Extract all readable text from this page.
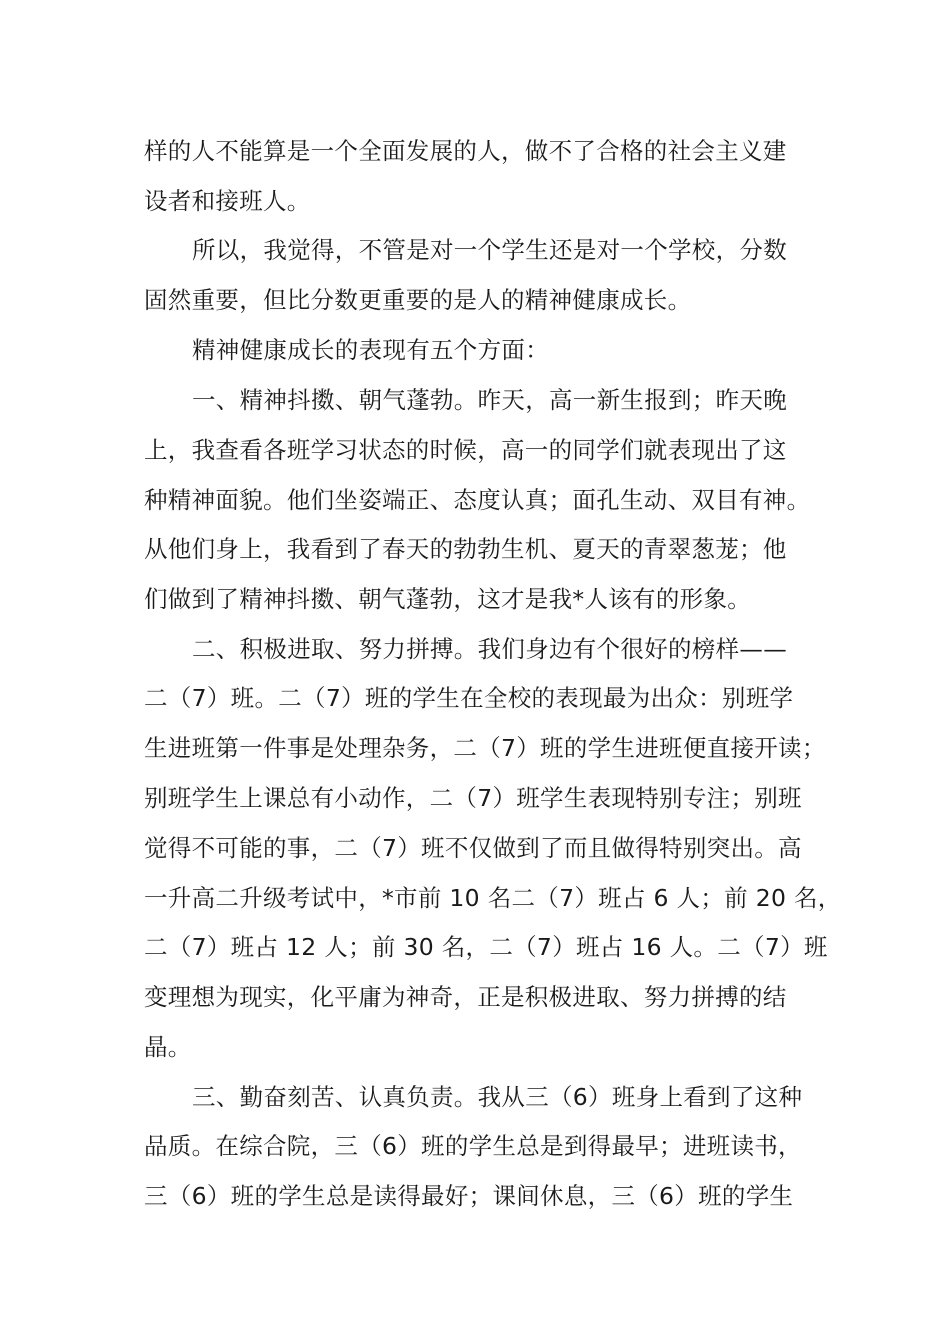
样的人不能算是一个全面发展的人，做不了合格的社会主义建
设者和接班人。
所以，我觉得，不管是对一个学生还是对一个学校，分数
固然重要，但比分数更重要的是人的精神健康成长。
精神健康成长的表现有五个方面：
一、精神抖擞、朝气蓬勃。昨天，高一新生报到；昨天晚
上，我查看各班学习状态的时候，高一的同学们就表现出了这
种精神面貌。他们坐姿端正、态度认真；面孔生动、双目有神。
从他们身上，我看到了春天的勃勃生机、夏天的青翠葱茏；他
们做到了精神抖擞、朝气蓬勃，这才是我*人该有的形象。
二、积极进取、努力拼搏。我们身边有个很好的榜样——
二（7）班。二（7）班的学生在全校的表现最为出众：别班学
生进班第一件事是处理杂务，二（7）班的学生进班便直接开读；
别班学生上课总有小动作，二（7）班学生表现特别专注；别班
觉得不可能的事，二（7）班不仅做到了而且做得特别突出。高
一升高二升级考试中，*市前 10 名二（7）班占 6 人；前 20 名，
二（7）班占 12 人；前 30 名，二（7）班占 16 人。二（7）班
变理想为现实，化平庸为神奇，正是积极进取、努力拼搏的结
晶。
三、勤奋刻苦、认真负责。我从三（6）班身上看到了这种
品质。在综合院，三（6）班的学生总是到得最早；进班读书，
三（6）班的学生总是读得最好；课间休息，三（6）班的学生
